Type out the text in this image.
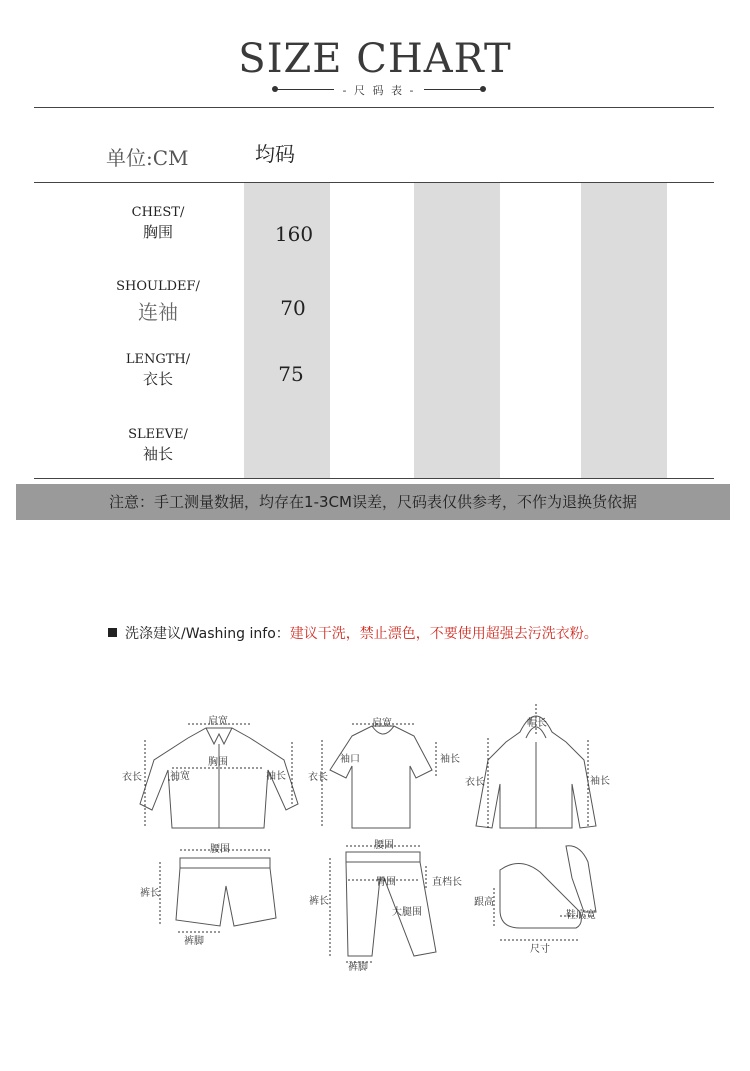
SIZE CHART
- 尺 码 表 -
单位:CM	均码
CHEST/
胸围	160
SHOULDEF/
连袖	70
LENGTH/
衣长	75
SLEEVE/
袖长
注意：手工测量数据，均存在1-3CM误差，尺码表仅供参考，不作为退换货依据
洗涤建议/Washing info：建议干洗，禁止漂色，不要使用超强去污洗衣粉。
肩宽
胸围
衣长	袖宽	袖长
肩宽
袖口
衣长
袖长
帽长
衣长	袖长
腰围
裤长
裤脚
腰围
臀围	直档长
大腿围
裤长
裤脚
跟高
鞋底宽
尺寸
